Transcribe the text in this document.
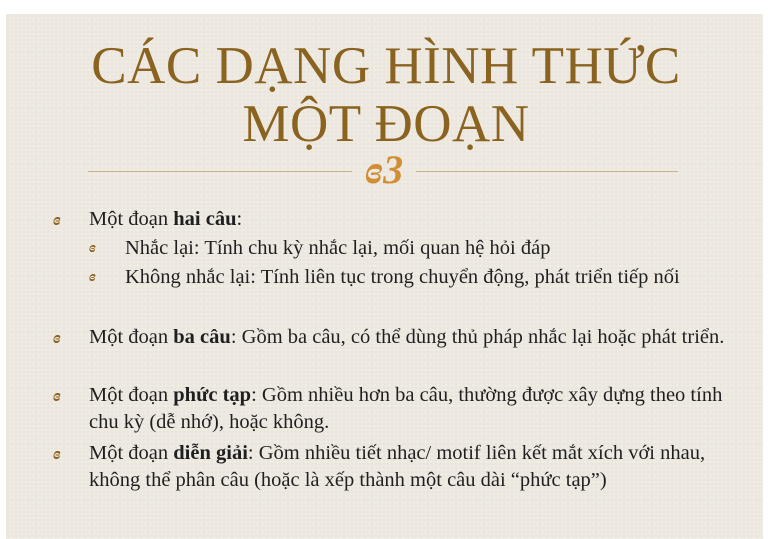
CÁC DẠNG HÌNH THỨC
MỘT ĐOẠN
ɞ3
ɞ Một đoạn hai câu:
ɞ Nhắc lại: Tính chu kỳ nhắc lại, mối quan hệ hỏi đáp
ɞ Không nhắc lại: Tính liên tục trong chuyển động, phát triển tiếp nối
ɞ Một đoạn ba câu: Gồm ba câu, có thể dùng thủ pháp nhắc lại hoặc phát triển.
ɞ Một đoạn phức tạp: Gồm nhiều hơn ba câu, thường được xây dựng theo tính chu kỳ (dễ nhớ), hoặc không.
ɞ Một đoạn diễn giải: Gồm nhiều tiết nhạc/ motif liên kết mắt xích với nhau, không thể phân câu (hoặc là xếp thành một câu dài “phức tạp”)
